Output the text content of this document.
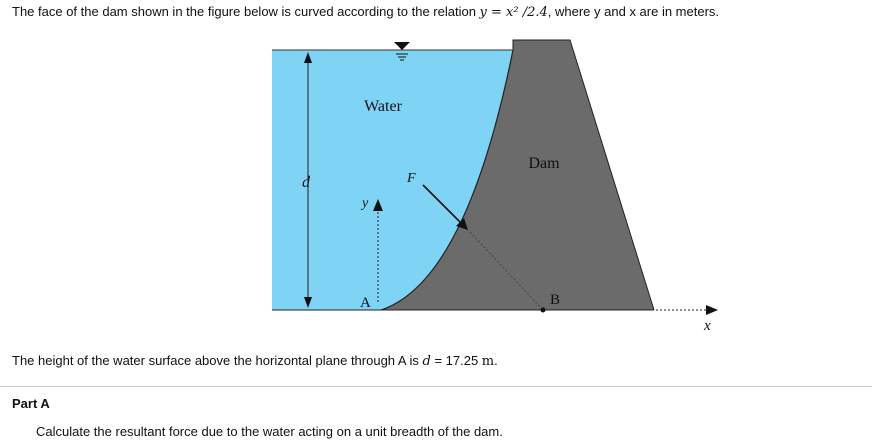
The face of the dam shown in the figure below is curved according to the relation y = x² /2.4, where y and x are in meters.
Water
Dam
d
y
F
A	B
x
The height of the water surface above the horizontal plane through A is d = 17.25 m.
Part A
Calculate the resultant force due to the water acting on a unit breadth of the dam.
